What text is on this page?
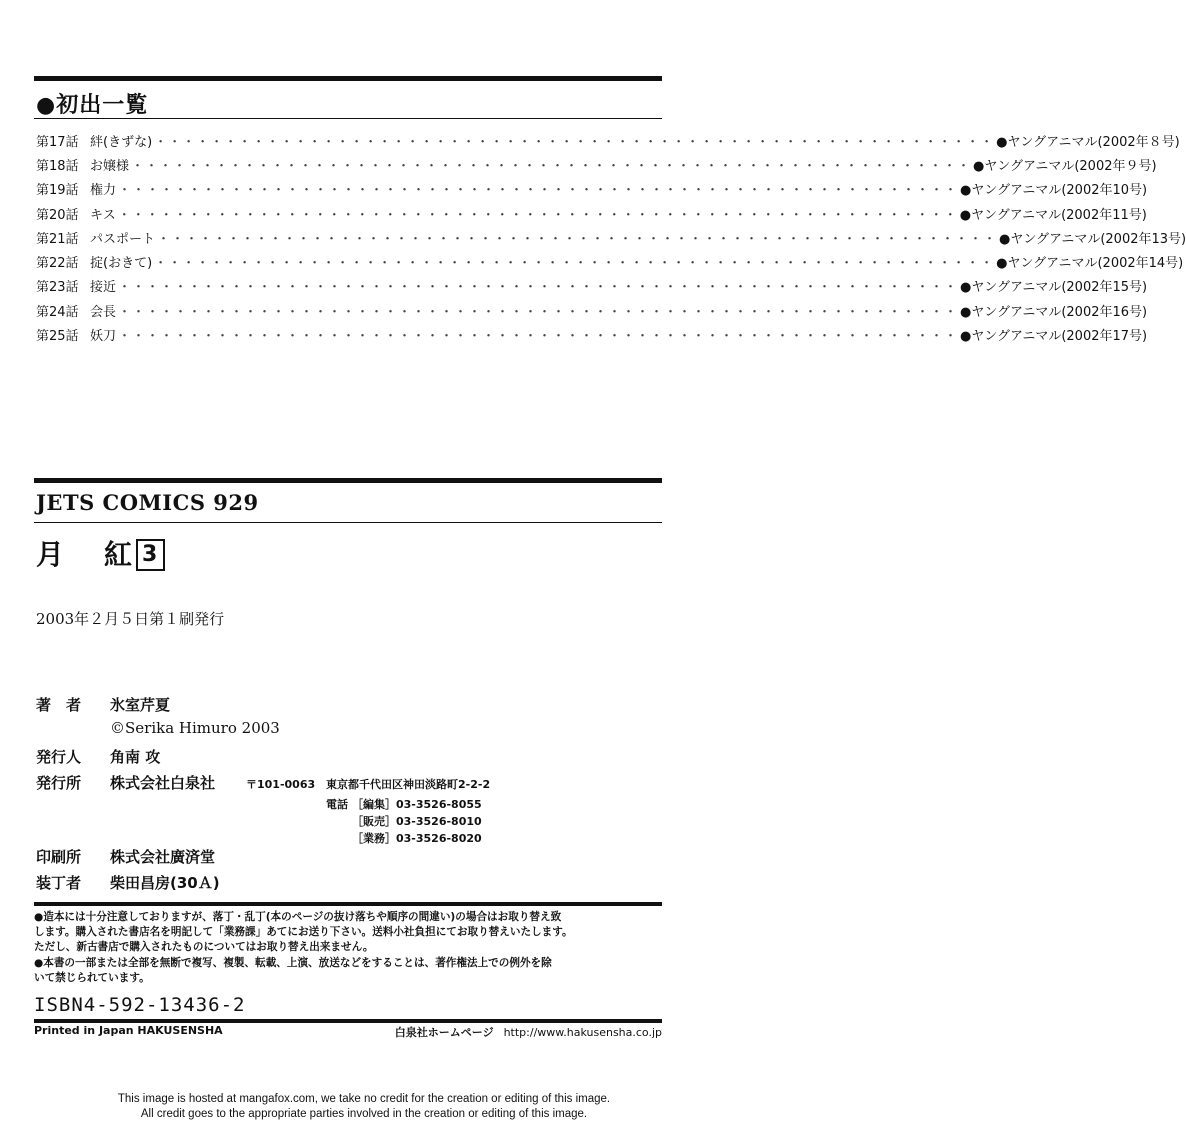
●初出一覧
第17話 絆(きずな) ・・・・・・・・・・・・・・・・・・・・・・・・・・・・・・・・・・・・・・・・・・・・・・・・・・・・・・・・・・・・ ●ヤングアニマル(2002年８号)
第18話 お嬢様 ・・・・・・・・・・・・・・・・・・・・・・・・・・・・・・・・・・・・・・・・・・・・・・・・・・・・・・・・・・・・ ●ヤングアニマル(2002年９号)
第19話 権力 ・・・・・・・・・・・・・・・・・・・・・・・・・・・・・・・・・・・・・・・・・・・・・・・・・・・・・・・・・・・・ ●ヤングアニマル(2002年10号)
第20話 キス ・・・・・・・・・・・・・・・・・・・・・・・・・・・・・・・・・・・・・・・・・・・・・・・・・・・・・・・・・・・・ ●ヤングアニマル(2002年11号)
第21話 パスポート ・・・・・・・・・・・・・・・・・・・・・・・・・・・・・・・・・・・・・・・・・・・・・・・・・・・・・・・・・・・・ ●ヤングアニマル(2002年13号)
第22話 掟(おきて) ・・・・・・・・・・・・・・・・・・・・・・・・・・・・・・・・・・・・・・・・・・・・・・・・・・・・・・・・・・・・ ●ヤングアニマル(2002年14号)
第23話 接近 ・・・・・・・・・・・・・・・・・・・・・・・・・・・・・・・・・・・・・・・・・・・・・・・・・・・・・・・・・・・・ ●ヤングアニマル(2002年15号)
第24話 会長 ・・・・・・・・・・・・・・・・・・・・・・・・・・・・・・・・・・・・・・・・・・・・・・・・・・・・・・・・・・・・ ●ヤングアニマル(2002年16号)
第25話 妖刀 ・・・・・・・・・・・・・・・・・・・・・・・・・・・・・・・・・・・・・・・・・・・・・・・・・・・・・・・・・・・・ ●ヤングアニマル(2002年17号)
JETS COMICS 929
月 紅 3
2003年２月５日第１刷発行
著　者 氷室芹夏
©Serika Himuro 2003
発行人 角南 攻
発行所 株式会社白泉社	〒101-0063 東京都千代田区神田淡路町2-2-2
電話 ［編集］03-3526-8055
［販売］03-3526-8010
［業務］03-3526-8020
印刷所 株式会社廣済堂
装丁者 柴田昌房(30Ａ)
●造本には十分注意しておりますが、落丁・乱丁(本のページの抜け落ちや順序の間違い)の場合はお取り替え致
します。購入された書店名を明記して「業務課」あてにお送り下さい。送料小社負担にてお取り替えいたします。
ただし、新古書店で購入されたものについてはお取り替え出来ません。
●本書の一部または全部を無断で複写、複製、転載、上演、放送などをすることは、著作権法上での例外を除
いて禁じられています。
ISBN4-592-13436-2
Printed in Japan HAKUSENSHA	白泉社ホームページ http://www.hakusensha.co.jp
This image is hosted at mangafox.com, we take no credit for the creation or editing of this image.
All credit goes to the appropriate parties involved in the creation or editing of this image.
